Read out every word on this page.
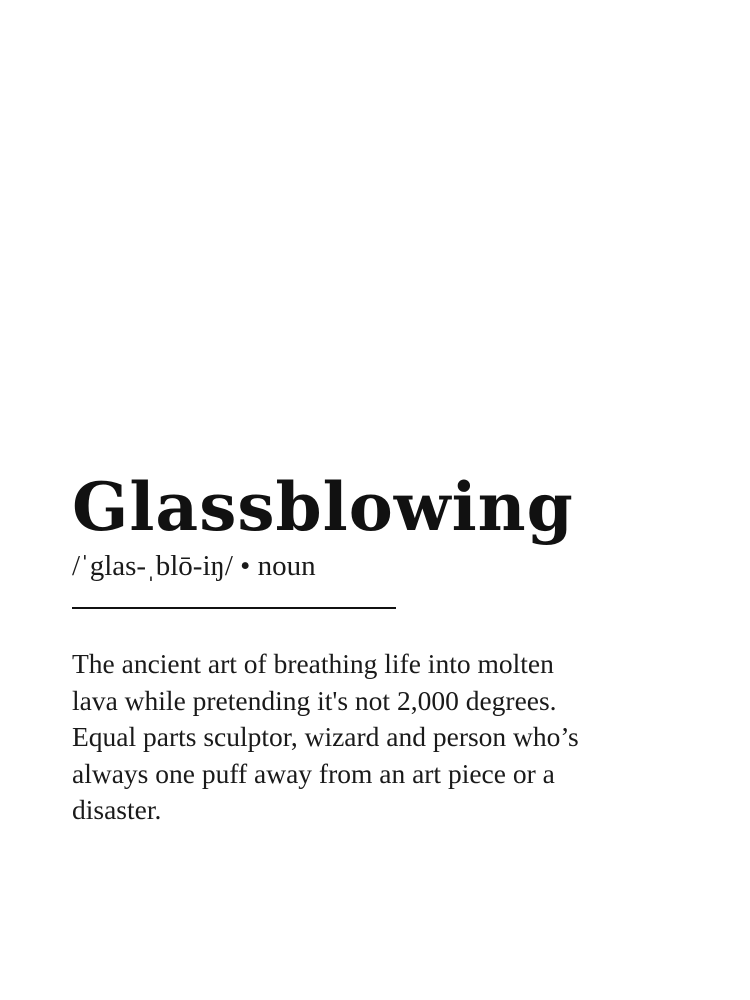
Glassblowing
/ˈglas-ˌblō-iŋ/ • noun

The ancient art of breathing life into molten
lava while pretending it's not 2,000 degrees.
Equal parts sculptor, wizard and person who’s
always one puff away from an art piece or a
disaster.
